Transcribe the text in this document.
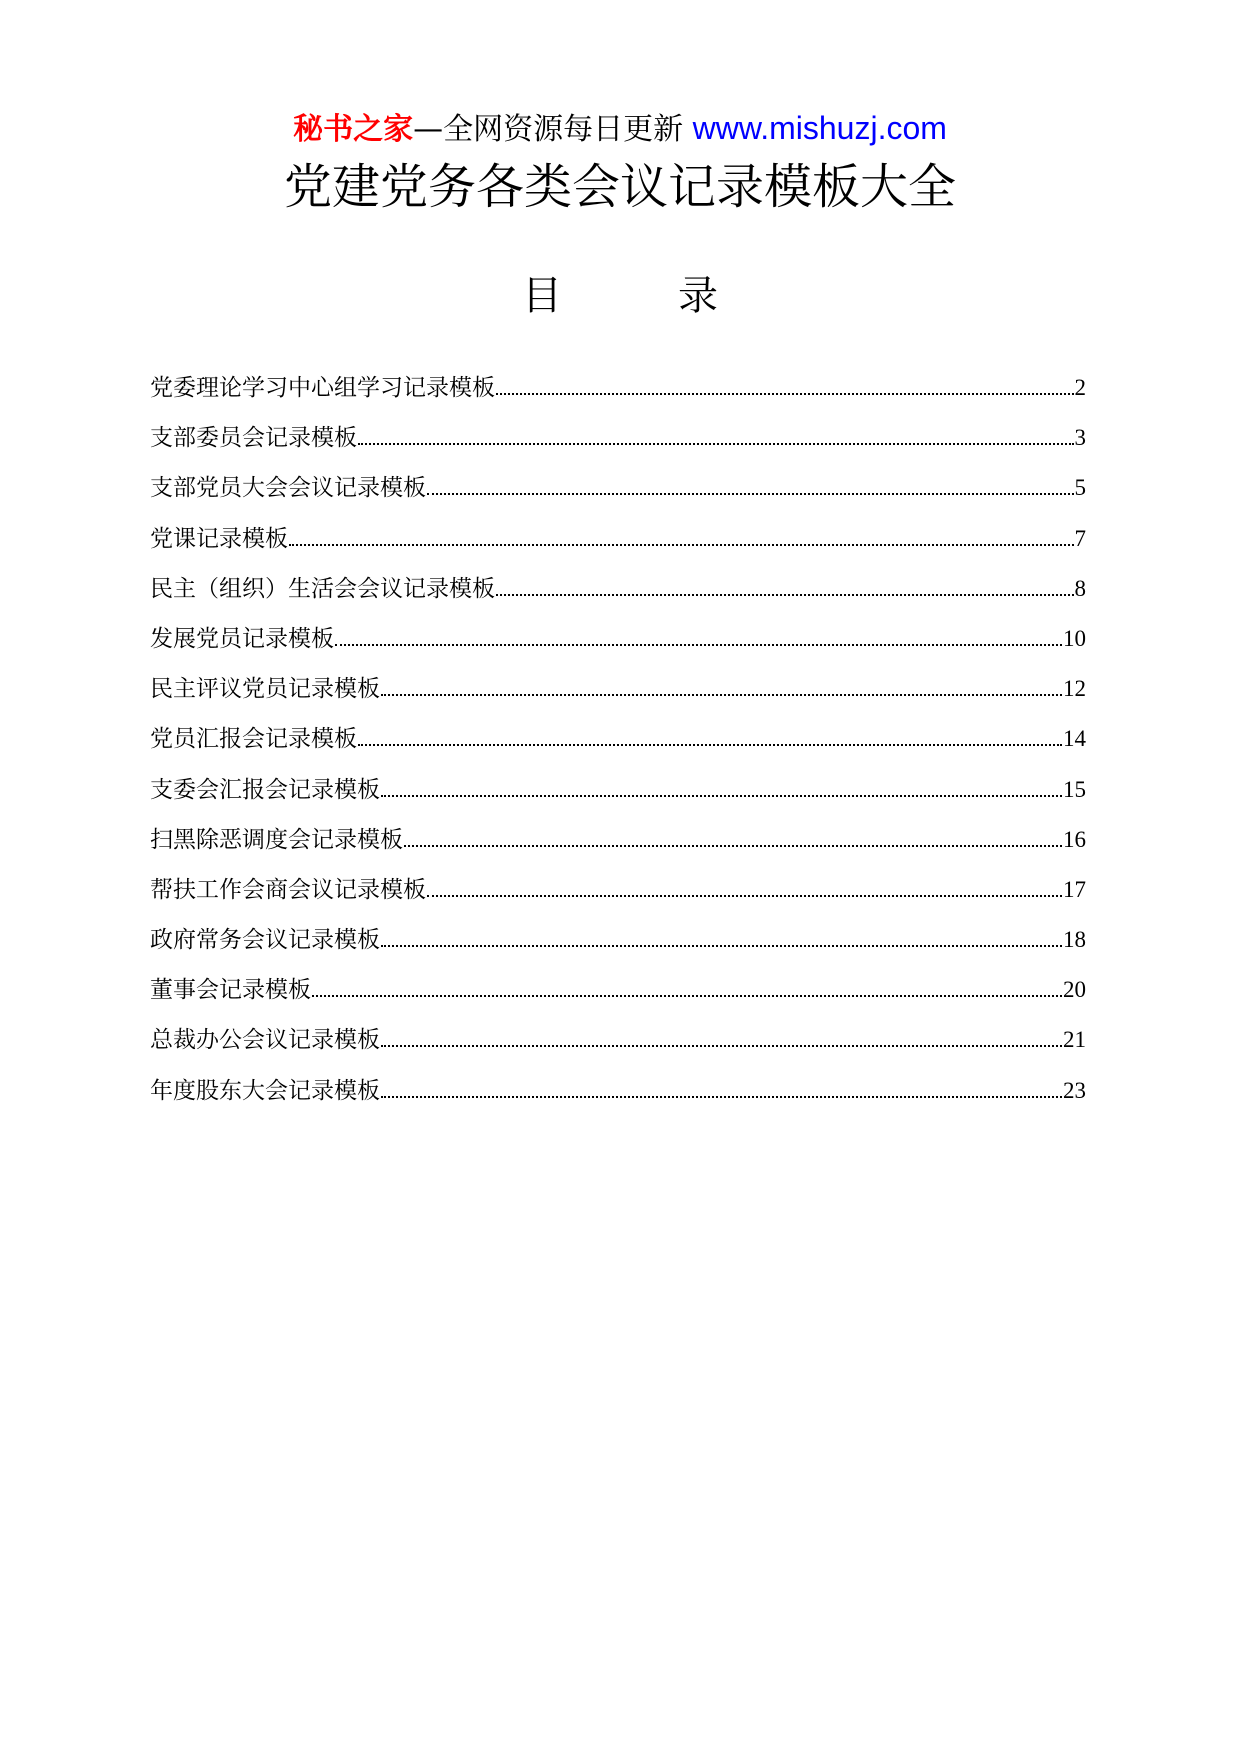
秘书之家—全网资源每日更新 www.mishuzj.com
党建党务各类会议记录模板大全
目	录
党委理论学习中心组学习记录模板	2
支部委员会记录模板	3
支部党员大会会议记录模板	5
党课记录模板	7
民主（组织）生活会会议记录模板	8
发展党员记录模板	10
民主评议党员记录模板	12
党员汇报会记录模板	14
支委会汇报会记录模板	15
扫黑除恶调度会记录模板	16
帮扶工作会商会议记录模板	17
政府常务会议记录模板	18
董事会记录模板	20
总裁办公会议记录模板	21
年度股东大会记录模板	23
